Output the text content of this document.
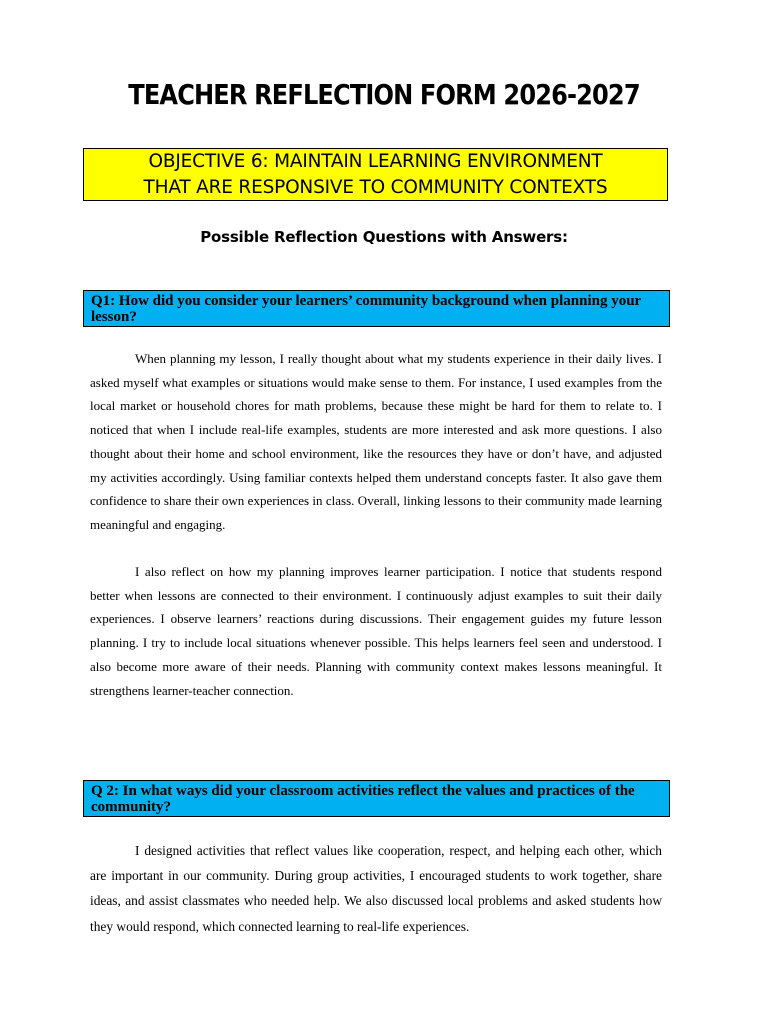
TEACHER REFLECTION FORM 2026-2027
OBJECTIVE 6: MAINTAIN LEARNING ENVIRONMENT
THAT ARE RESPONSIVE TO COMMUNITY CONTEXTS
Possible Reflection Questions with Answers:
Q1: How did you consider your learners’ community background when planning your lesson?

When planning my lesson, I really thought about what my students experience in their daily lives. I asked myself what examples or situations would make sense to them. For instance, I used examples from the local market or household chores for math problems, because these might be hard for them to relate to. I noticed that when I include real-life examples, students are more interested and ask more questions. I also thought about their home and school environment, like the resources they have or don’t have, and adjusted my activities accordingly. Using familiar contexts helped them understand concepts faster. It also gave them confidence to share their own experiences in class. Overall, linking lessons to their community made learning meaningful and engaging.

I also reflect on how my planning improves learner participation. I notice that students respond better when lessons are connected to their environment. I continuously adjust examples to suit their daily experiences. I observe learners’ reactions during discussions. Their engagement guides my future lesson planning. I try to include local situations whenever possible. This helps learners feel seen and understood. I also become more aware of their needs. Planning with community context makes lessons meaningful. It strengthens learner-teacher connection.

Q 2: In what ways did your classroom activities reflect the values and practices of the community?

I designed activities that reflect values like cooperation, respect, and helping each other, which are important in our community. During group activities, I encouraged students to work together, share ideas, and assist classmates who needed help. We also discussed local problems and asked students how they would respond, which connected learning to real-life experiences.
